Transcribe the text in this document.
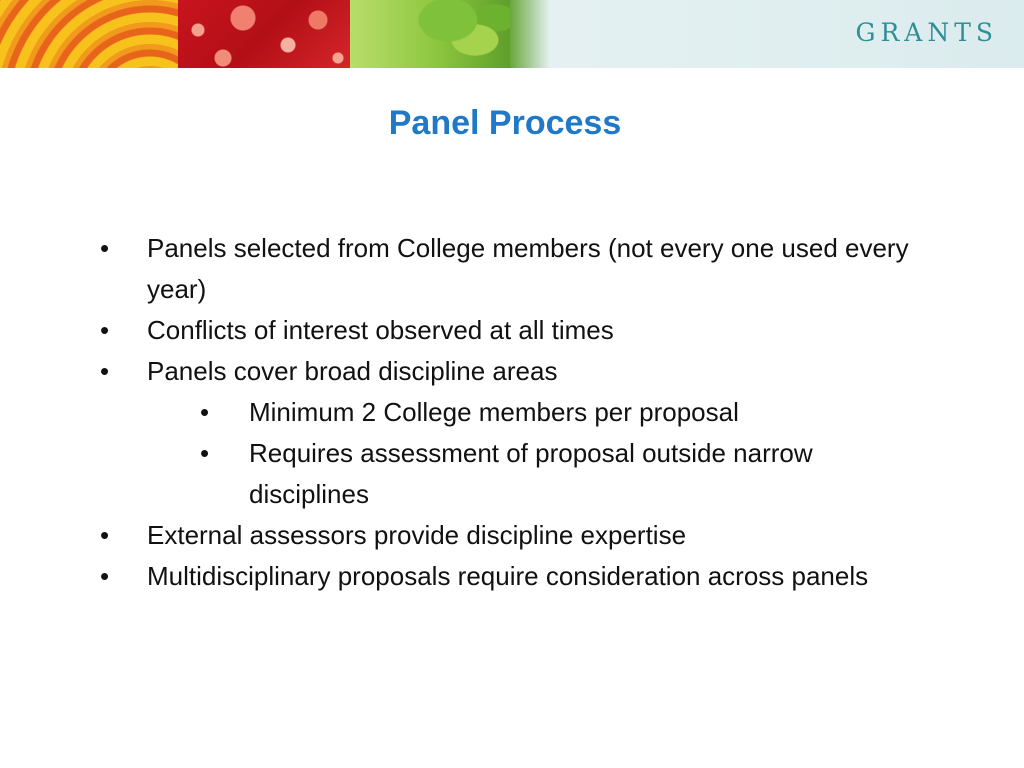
GRANTS
Panel Process
• Panels selected from College members (not every one used every year)
• Conflicts of interest observed at all times
• Panels cover broad discipline areas
• Minimum 2 College members per proposal
• Requires assessment of proposal outside narrow disciplines
• External assessors provide discipline expertise
• Multidisciplinary proposals require consideration across panels
